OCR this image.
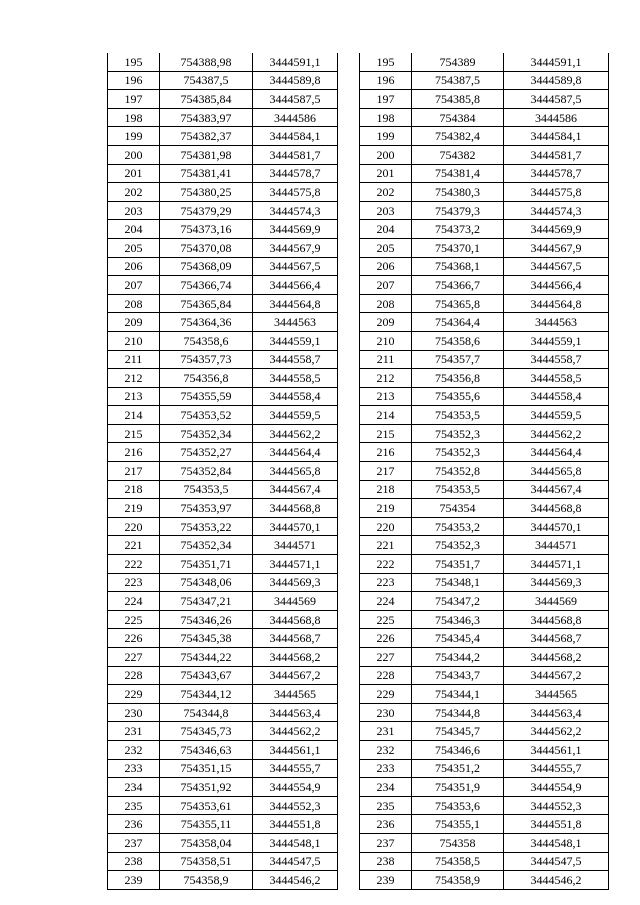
195	754388,98	3444591,1
196	754387,5	3444589,8
197	754385,84	3444587,5
198	754383,97	3444586
199	754382,37	3444584,1
200	754381,98	3444581,7
201	754381,41	3444578,7
202	754380,25	3444575,8
203	754379,29	3444574,3
204	754373,16	3444569,9
205	754370,08	3444567,9
206	754368,09	3444567,5
207	754366,74	3444566,4
208	754365,84	3444564,8
209	754364,36	3444563
210	754358,6	3444559,1
211	754357,73	3444558,7
212	754356,8	3444558,5
213	754355,59	3444558,4
214	754353,52	3444559,5
215	754352,34	3444562,2
216	754352,27	3444564,4
217	754352,84	3444565,8
218	754353,5	3444567,4
219	754353,97	3444568,8
220	754353,22	3444570,1
221	754352,34	3444571
222	754351,71	3444571,1
223	754348,06	3444569,3
224	754347,21	3444569
225	754346,26	3444568,8
226	754345,38	3444568,7
227	754344,22	3444568,2
228	754343,67	3444567,2
229	754344,12	3444565
230	754344,8	3444563,4
231	754345,73	3444562,2
232	754346,63	3444561,1
233	754351,15	3444555,7
234	754351,92	3444554,9
235	754353,61	3444552,3
236	754355,11	3444551,8
237	754358,04	3444548,1
238	754358,51	3444547,5
239	754358,9	3444546,2
195	754389	3444591,1
196	754387,5	3444589,8
197	754385,8	3444587,5
198	754384	3444586
199	754382,4	3444584,1
200	754382	3444581,7
201	754381,4	3444578,7
202	754380,3	3444575,8
203	754379,3	3444574,3
204	754373,2	3444569,9
205	754370,1	3444567,9
206	754368,1	3444567,5
207	754366,7	3444566,4
208	754365,8	3444564,8
209	754364,4	3444563
210	754358,6	3444559,1
211	754357,7	3444558,7
212	754356,8	3444558,5
213	754355,6	3444558,4
214	754353,5	3444559,5
215	754352,3	3444562,2
216	754352,3	3444564,4
217	754352,8	3444565,8
218	754353,5	3444567,4
219	754354	3444568,8
220	754353,2	3444570,1
221	754352,3	3444571
222	754351,7	3444571,1
223	754348,1	3444569,3
224	754347,2	3444569
225	754346,3	3444568,8
226	754345,4	3444568,7
227	754344,2	3444568,2
228	754343,7	3444567,2
229	754344,1	3444565
230	754344,8	3444563,4
231	754345,7	3444562,2
232	754346,6	3444561,1
233	754351,2	3444555,7
234	754351,9	3444554,9
235	754353,6	3444552,3
236	754355,1	3444551,8
237	754358	3444548,1
238	754358,5	3444547,5
239	754358,9	3444546,2
